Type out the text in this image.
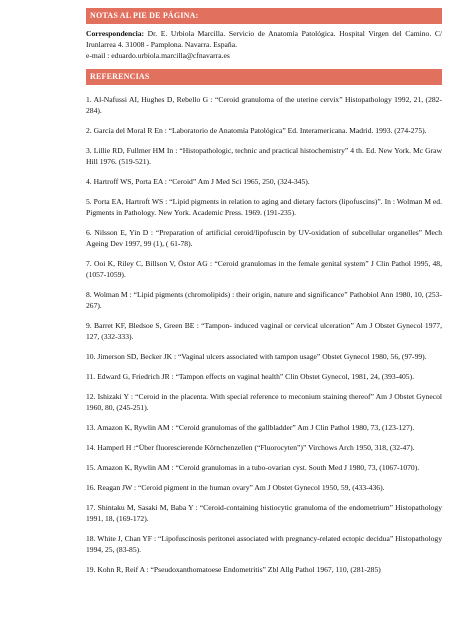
NOTAS AL PIE DE PÁGINA:
Correspondencia: Dr. E. Urbiola Marcilla. Servicio de Anatomía Patológica. Hospital Virgen del Camino. C/ Irunlarrea 4. 31008 - Pamplona. Navarra. España.
e-mail : eduardo.urbiola.marcilla@cfnavarra.es
REFERENCIAS

1. Al-Nafussi AI, Hughes D, Rebello G : “Ceroid granuloma of the uterine cervix” Histopathology 1992, 21, (282-284).

2. García del Moral R En : “Laboratorio de Anatomía Patológica” Ed. Interamericana. Madrid. 1993. (274-275).

3. Lillie RD, Fullmer HM In : “Histopathologic, technic and practical histochemistry” 4 th. Ed. New York. Mc Graw Hill 1976. (519-521).

4. Hartroff WS, Porta EA : “Ceroid” Am J Med Sci 1965, 250, (324-345).

5. Porta EA, Hartroft WS : “Lipid pigments in relation to aging and dietary factors (lipofuscins)”. In : Wolman M ed. Pigments in Pathology. New York. Academic Press. 1969. (191-235).

6. Nilsson E, Yin D : “Preparation of artificial ceroid/lipofuscin by UV-oxidation of subcellular organelles” Mech Ageing Dev 1997, 99 (1), ( 61-78).

7. Ooi K, Riley C, Billson V, Östor AG : “Ceroid granulomas in the female genital system” J Clin Pathol 1995, 48, (1057-1059).

8. Wolman M : “Lipid pigments (chromolipids) : their origin, nature and significance” Pathobiol Ann 1980, 10, (253-267).

9. Barret KF, Bledsoe S, Green BE : “Tampon- induced vaginal or cervical ulceration” Am J Obstet Gynecol 1977, 127, (332-333).

10. Jimerson SD, Becker JK : “Vaginal ulcers associated with tampon usage” Obstet Gynecol 1980, 56, (97-99).

11. Edward G, Friedrich JR : “Tampon effects on vaginal health” Clin Obstet Gynecol, 1981, 24, (393-405).

12. Ishizaki Y : “Ceroid in the placenta. With special reference to meconium staining thereof” Am J Obstet Gynecol 1960, 80, (245-251).

13. Amazon K, Rywlin AM : “Ceroid granulomas of the gallbladder” Am J Clin Pathol 1980, 73, (123-127).

14. Hamperl H :“Über fluorescierende Körnchenzellen (“Fluorocyten”)” Virchows Arch 1950, 318, (32-47).

15. Amazon K, Rywlin AM : “Ceroid granulomas in a tubo-ovarian cyst. South Med J 1980, 73, (1067-1070).

16. Reagan JW : “Ceroid pigment in the human ovary” Am J Obstet Gynecol 1950, 59, (433-436).

17. Shintaku M, Sasaki M, Baba Y : “Ceroid-containing histiocytic granuloma of the endometrium” Histopathology 1991, 18, (169-172).

18. White J, Chan YF : “Lipofuscinosis peritonei associated with pregnancy-related ectopic decidua” Histopathology 1994, 25, (83-85).

19. Kohn R, Reif A : “Pseudoxanthomatoese Endometritis” Zbl Allg Pathol 1967, 110, (281-285)
